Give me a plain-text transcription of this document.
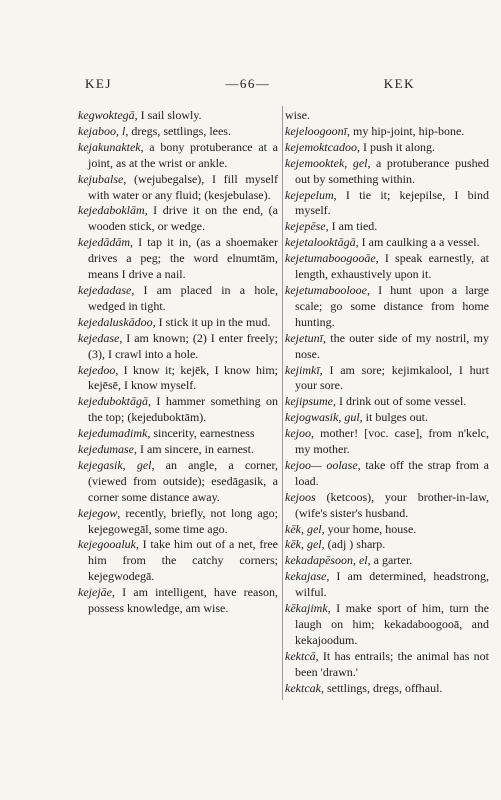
KEJ	—66—	KEK

kegwoktegā, I sail slowly.

kejaboo, l, dregs, settlings, lees.

kejakunaktek, a bony protuberance at a joint, as at the wrist or ankle.

kejubalse, (wejubegalse), I fill myself with water or any fluid; (kesjebulase).

kejedaboklām, I drive it on the end, (a wooden stick, or wedge.

kejedādām, I tap it in, (as a shoemaker drives a peg; the word elnumtām, means I drive a nail.

kejedadase, I am placed in a hole, wedged in tight.

kejedaluskādoo, I stick it up in the mud.

kejedase, I am known; (2) I enter freely; (3), I crawl into a hole.

kejedoo, I know it; kejēk, I know him; kejēsē, I know myself.

kejeduboktāgā, I hammer something on the top; (kejeduboktām).

kejedumadimk, sincerity, earnestness

kejedumase, I am sincere, in earnest.

kejegasik, gel, an angle, a corner, (viewed from outside); esedāgasik, a corner some distance away.

kejegow, recently, briefly, not long ago; kejegowegāl, some time ago.

kejegooaluk, I take him out of a net, free him from the catchy corners; kejegwodegā.

kejejāe, I am intelligent, have reason, possess knowledge, am wise.

wise.

kejeloogoonī, my hip-joint, hip-bone.

kejemoktcadoo, I push it along.

kejemooktek, gel, a protuberance pushed out by something within.

kejepelum, I tie it; kejepilse, I bind myself.

kejepēse, I am tied.

kejetalooktāgā, I am caulking a a vessel.

kejetumaboogooāe, I speak earnestly, at length, exhaustively upon it.

kejetumaboolooe, I hunt upon a large scale; go some distance from home hunting.

kejetunī, the outer side of my nostril, my nose.

kejimkī, I am sore; kejimkalool, I hurt your sore.

kejipsume, I drink out of some vessel.

kejogwasik, gul, it bulges out.

kejoo, mother! [voc. case], from n'kelc, my mother.

kejoo— oolase, take off the strap from a load.

kejoos (ketcoos), your brother-in-law, (wife's sister's husband.

kēk, gel, your home, house.

kēk, gel, (adj ) sharp.

kekadapēsoon, el, a garter.

kekajase, I am determined, headstrong, wilful.

kēkajimk, I make sport of him, turn the laugh on him; kekadaboogooā, and kekajoodum.

kektcā, It has entrails; the animal has not been 'drawn.'

kektcak, settlings, dregs, offhaul.
